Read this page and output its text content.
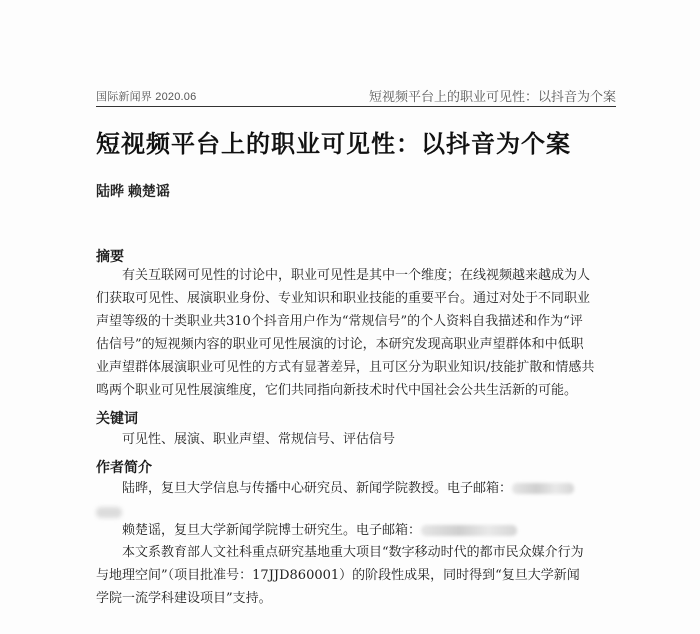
国际新闻界 2020.06	短视频平台上的职业可见性：以抖音为个案
短视频平台上的职业可见性：以抖音为个案
陆晔 赖楚谣
摘要
有关互联网可见性的讨论中，职业可见性是其中一个维度；在线视频越来越成为人
们获取可见性、展演职业身份、专业知识和职业技能的重要平台。通过对处于不同职业
声望等级的十类职业共310个抖音用户作为“常规信号”的个人资料自我描述和作为“评
估信号”的短视频内容的职业可见性展演的讨论，本研究发现高职业声望群体和中低职
业声望群体展演职业可见性的方式有显著差异，且可区分为职业知识/技能扩散和情感共
鸣两个职业可见性展演维度，它们共同指向新技术时代中国社会公共生活新的可能。
关键词
可见性、展演、职业声望、常规信号、评估信号
作者简介
陆晔，复旦大学信息与传播中心研究员、新闻学院教授。电子邮箱：
赖楚谣，复旦大学新闻学院博士研究生。电子邮箱：
本文系教育部人文社科重点研究基地重大项目“数字移动时代的都市民众媒介行为
与地理空间”（项目批准号：17JJD860001）的阶段性成果，同时得到“复旦大学新闻
学院一流学科建设项目”支持。
